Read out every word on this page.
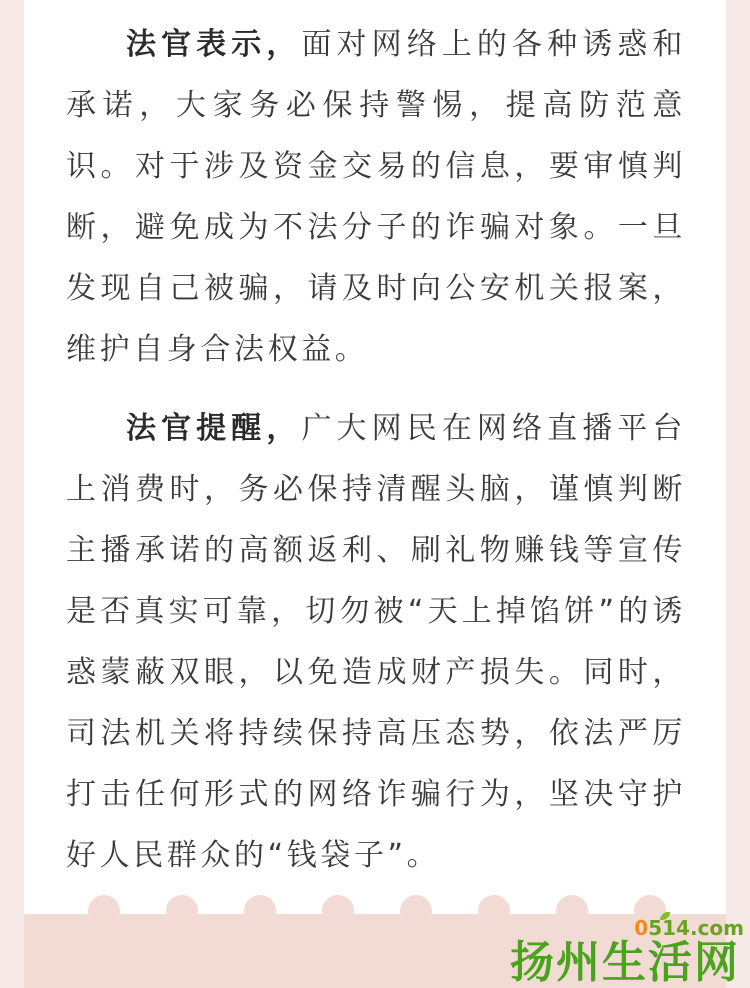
法官表示，面对网络上的各种诱惑和承诺，大家务必保持警惕，提高防范意识。对于涉及资金交易的信息，要审慎判断，避免成为不法分子的诈骗对象。一旦发现自己被骗，请及时向公安机关报案，维护自身合法权益。

法官提醒，广大网民在网络直播平台上消费时，务必保持清醒头脑，谨慎判断主播承诺的高额返利、刷礼物赚钱等宣传是否真实可靠，切勿被“天上掉馅饼”的诱惑蒙蔽双眼，以免造成财产损失。同时，司法机关将持续保持高压态势，依法严厉打击任何形式的网络诈骗行为，坚决守护好人民群众的“钱袋子”。

0514.com
扬州生活网
